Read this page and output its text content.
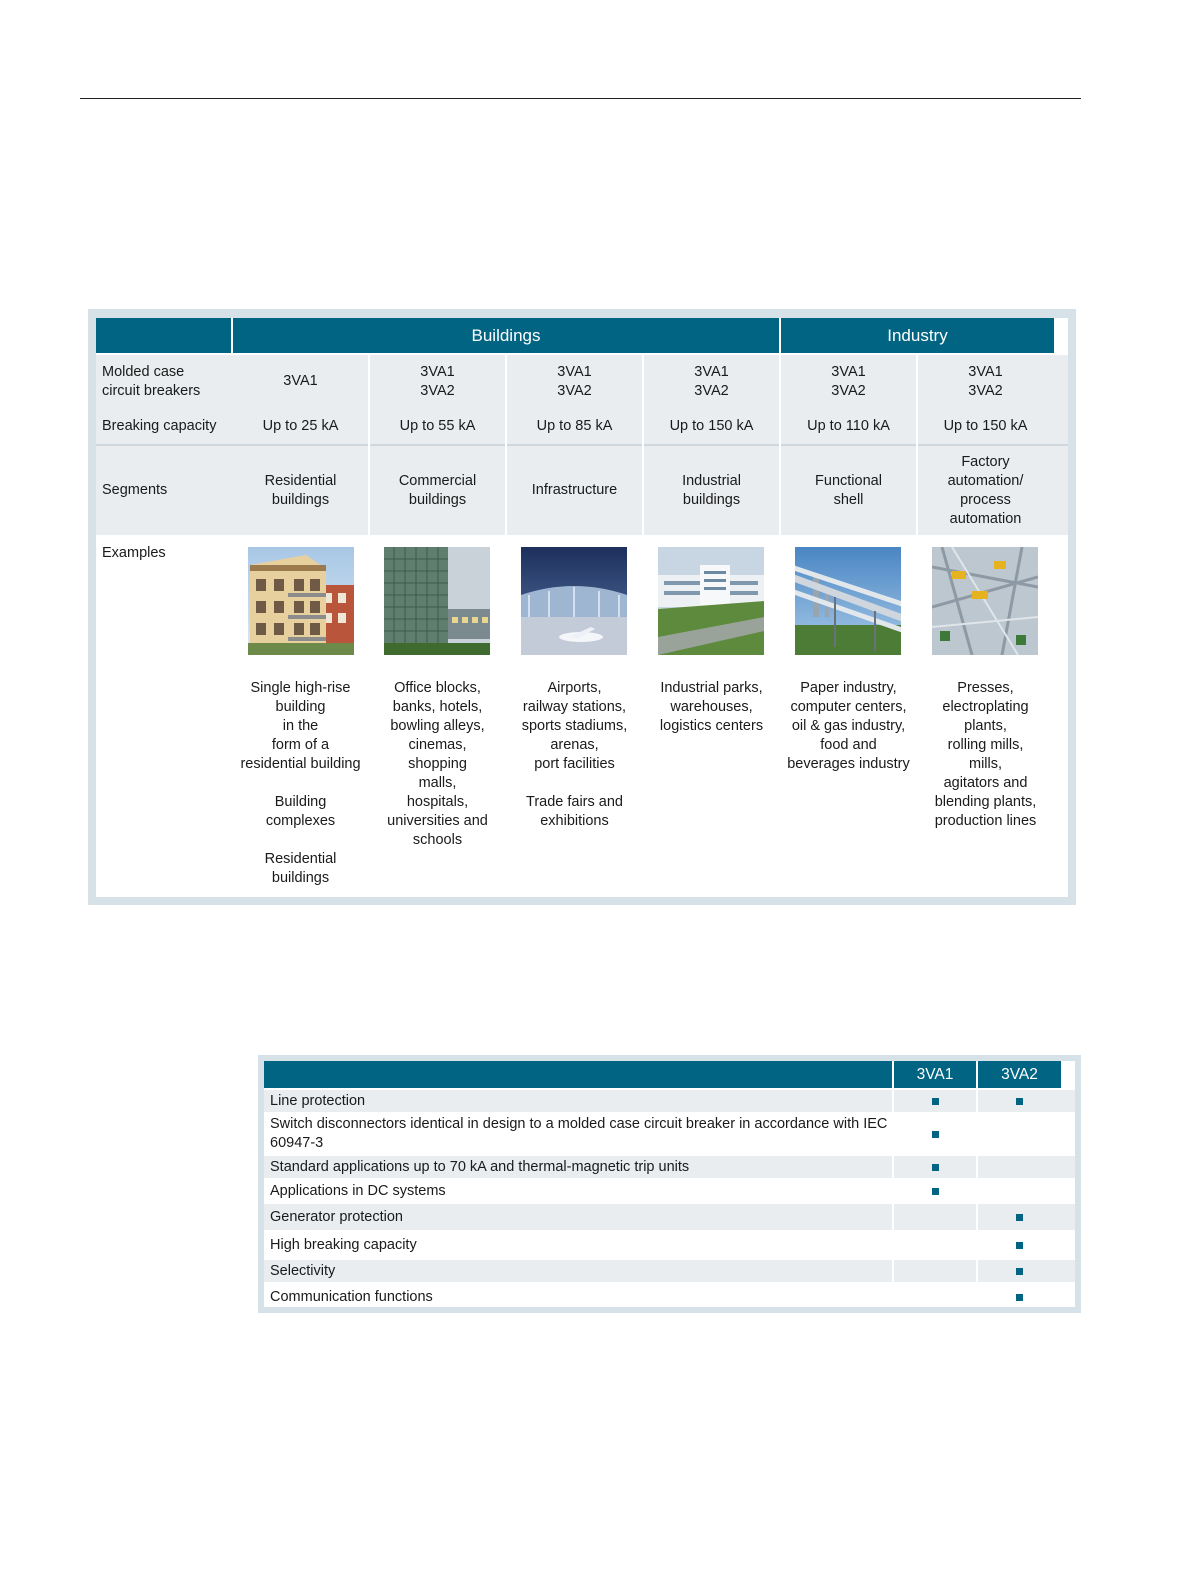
Buildings	Industry
Molded case
circuit breakers
Breaking capacity
Segments
Examples
3VA1
Up to 25 kA
Residential
buildings

Single high-rise
building
in the
form of a
residential building

Building
complexes

Residential
buildings

3VA1
3VA2
Up to 55 kA
Commercial
buildings

Office blocks,
banks, hotels,
bowling alleys,
cinemas,
shopping
malls,
hospitals,
universities and
schools

3VA1
3VA2
Up to 85 kA
Infrastructure

Airports,
railway stations,
sports stadiums,
arenas,
port facilities

Trade fairs and
exhibitions

3VA1
3VA2
Up to 150 kA
Industrial
buildings

Industrial parks,
warehouses,
logistics centers

3VA1
3VA2
Up to 110 kA
Functional
shell

Paper industry,
computer centers,
oil & gas industry,
food and
beverages industry

3VA1
3VA2
Up to 150 kA
Factory
automation/
process
automation

Presses,
electroplating
plants,
rolling mills,
mills,
agitators and
blending plants,
production lines

3VA1	3VA2
Line protection
Switch disconnectors identical in design to a molded case circuit breaker in accordance with IEC 60947-3
Standard applications up to 70 kA and thermal-magnetic trip units
Applications in DC systems
Generator protection
High breaking capacity
Selectivity
Communication functions
